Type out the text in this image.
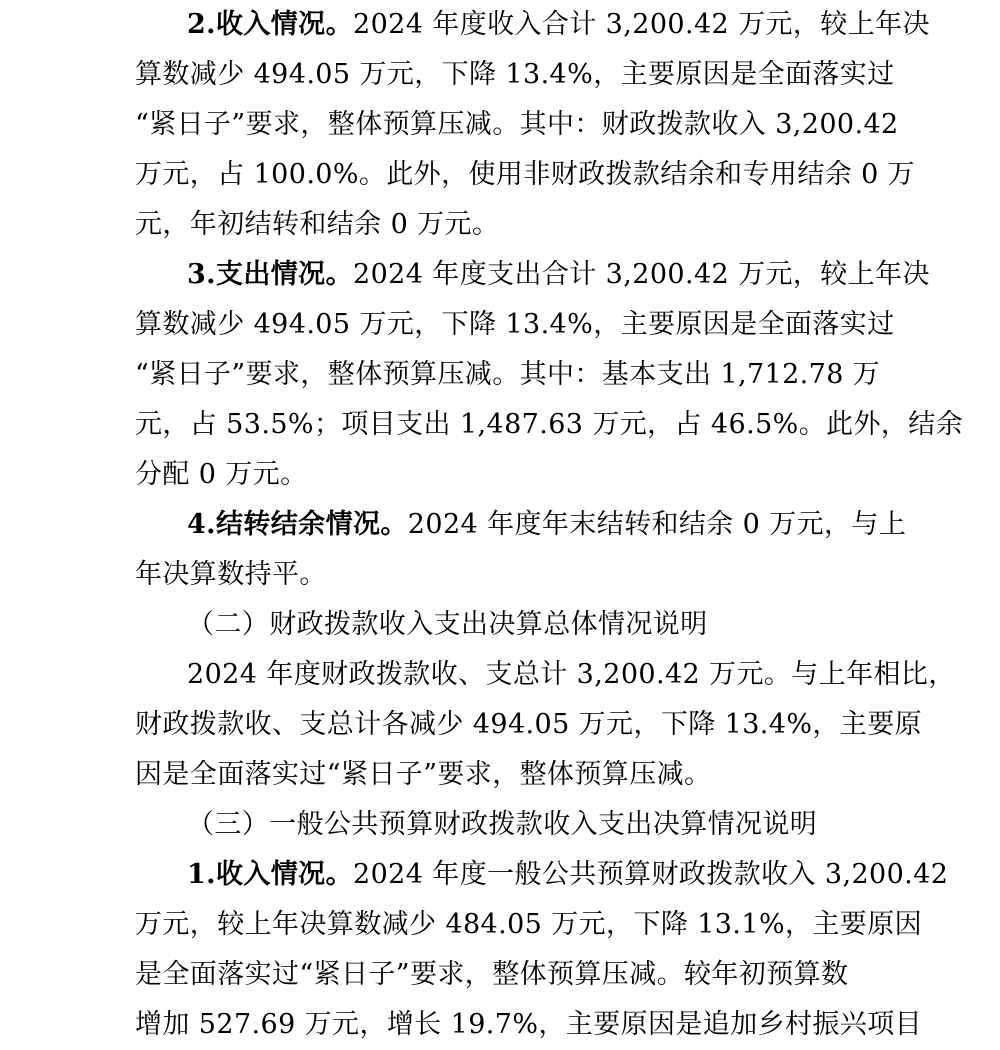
2.收入情况。2024 年度收入合计 3,200.42 万元，较上年决
算数减少 494.05 万元，下降 13.4%，主要原因是全面落实过
“紧日子”要求，整体预算压减。其中：财政拨款收入 3,200.42
万元，占 100.0%。此外，使用非财政拨款结余和专用结余 0 万
元，年初结转和结余 0 万元。
3.支出情况。2024 年度支出合计 3,200.42 万元，较上年决
算数减少 494.05 万元，下降 13.4%，主要原因是全面落实过
“紧日子”要求，整体预算压减。其中：基本支出 1,712.78 万
元，占 53.5%；项目支出 1,487.63 万元，占 46.5%。此外，结余
分配 0 万元。
4.结转结余情况。2024 年度年末结转和结余 0 万元，与上
年决算数持平。
（二）财政拨款收入支出决算总体情况说明
2024 年度财政拨款收、支总计 3,200.42 万元。与上年相比，
财政拨款收、支总计各减少 494.05 万元，下降 13.4%，主要原
因是全面落实过“紧日子”要求，整体预算压减。
（三）一般公共预算财政拨款收入支出决算情况说明
1.收入情况。2024 年度一般公共预算财政拨款收入 3,200.42
万元，较上年决算数减少 484.05 万元，下降 13.1%，主要原因
是全面落实过“紧日子”要求，整体预算压减。较年初预算数
增加 527.69 万元，增长 19.7%，主要原因是追加乡村振兴项目
